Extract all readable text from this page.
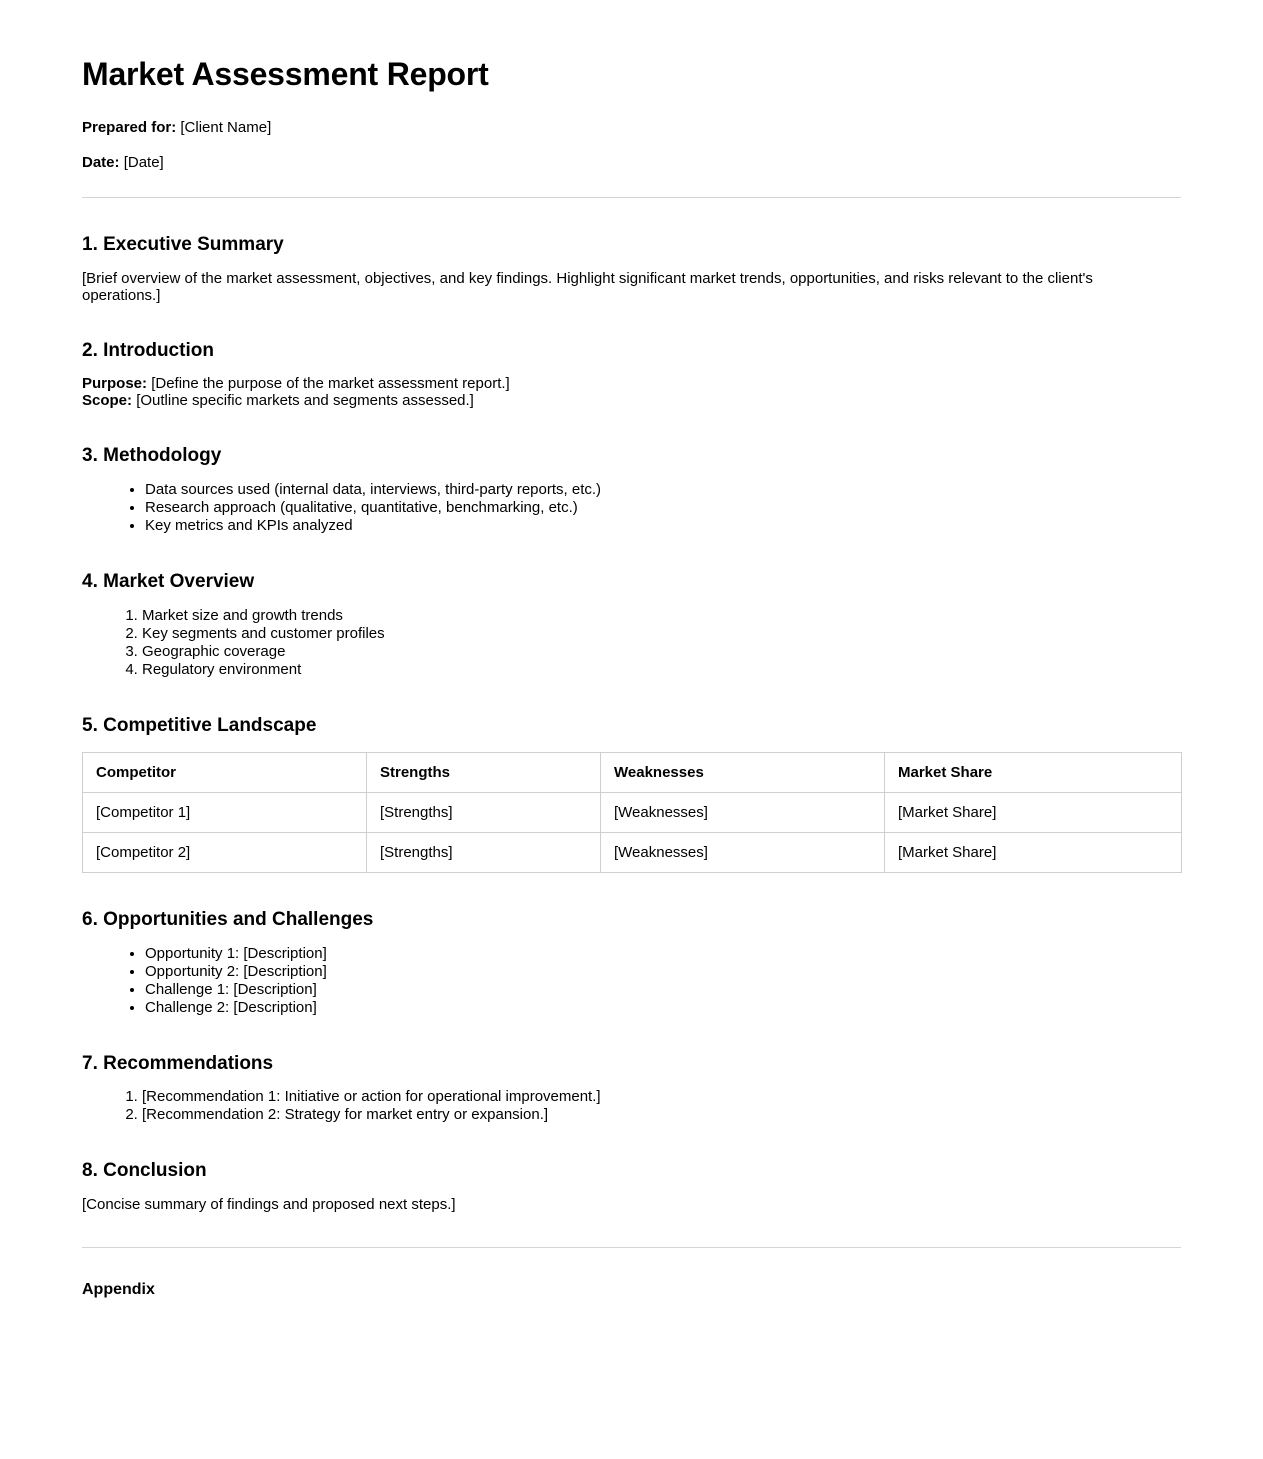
Market Assessment Report

Prepared for: [Client Name]

Date: [Date]

1. Executive Summary

[Brief overview of the market assessment, objectives, and key findings. Highlight significant market trends, opportunities, and risks relevant to the client's operations.]

2. Introduction

Purpose: [Define the purpose of the market assessment report.]
Scope: [Outline specific markets and segments assessed.]

3. Methodology
• Data sources used (internal data, interviews, third-party reports, etc.)
• Research approach (qualitative, quantitative, benchmarking, etc.)
• Key metrics and KPIs analyzed
4. Market Overview
1. Market size and growth trends
2. Key segments and customer profiles
3. Geographic coverage
4. Regulatory environment
5. Competitive Landscape
Competitor	Strengths	Weaknesses	Market Share
[Competitor 1]	[Strengths]	[Weaknesses]	[Market Share]
[Competitor 2]	[Strengths]	[Weaknesses]	[Market Share]
6. Opportunities and Challenges
• Opportunity 1: [Description]
• Opportunity 2: [Description]
• Challenge 1: [Description]
• Challenge 2: [Description]
7. Recommendations
1. [Recommendation 1: Initiative or action for operational improvement.]
2. [Recommendation 2: Strategy for market entry or expansion.]
8. Conclusion

[Concise summary of findings and proposed next steps.]

Appendix
